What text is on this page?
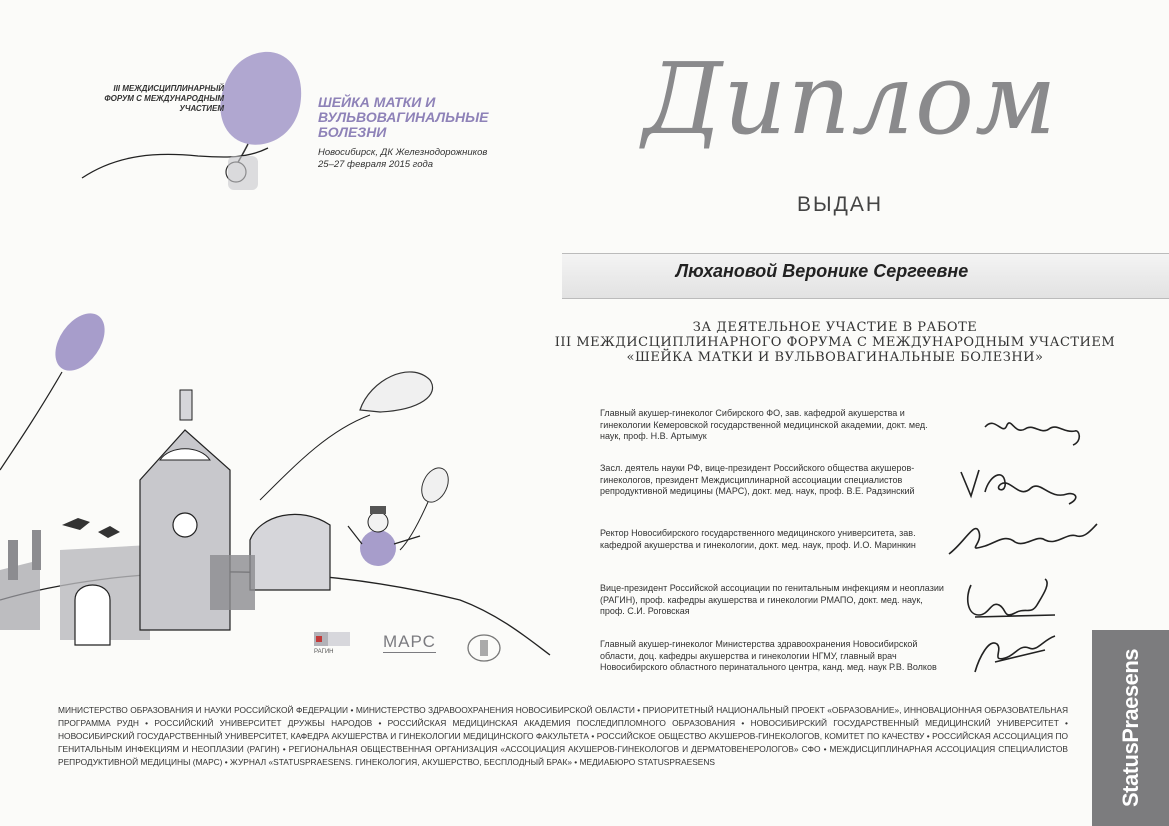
III МЕЖДИСЦИПЛИНАРНЫЙ ФОРУМ С МЕЖДУНАРОДНЫМ УЧАСТИЕМ	ШЕЙКА МАТКИ И ВУЛЬВОВАГИНАЛЬНЫЕ БОЛЕЗНИ
Новосибирск, ДК Железнодорожников
25–27 февраля 2015 года
Диплом
ВЫДАН
Люхановой Веронике Сергеевне
ЗА ДЕЯТЕЛЬНОЕ УЧАСТИЕ В РАБОТЕ
III МЕЖДИСЦИПЛИНАРНОГО ФОРУМА С МЕЖДУНАРОДНЫМ УЧАСТИЕМ
«ШЕЙКА МАТКИ И ВУЛЬВОВАГИНАЛЬНЫЕ БОЛЕЗНИ»
РАГИН
МАРС
Главный акушер-гинеколог Сибирского ФО, зав. кафедрой акушерства и гинекологии Кемеровской государственной медицинской академии, докт. мед. наук, проф. Н.В. Артымук
Засл. деятель науки РФ, вице-президент Российского общества акушеров-гинекологов, президент Междисциплинарной ассоциации специалистов репродуктивной медицины (МАРС), докт. мед. наук, проф. В.Е. Радзинский
Ректор Новосибирского государственного медицинского университета, зав. кафедрой акушерства и гинекологии, докт. мед. наук, проф. И.О. Маринкин
Вице-президент Российской ассоциации по генитальным инфекциям и неоплазии (РАГИН), проф. кафедры акушерства и гинекологии РМАПО, докт. мед. наук, проф. С.И. Роговская
Главный акушер-гинеколог Министерства здравоохранения Новосибирской области, доц. кафедры акушерства и гинекологии НГМУ, главный врач Новосибирского областного перинатального центра, канд. мед. наук Р.В. Волков
МИНИСТЕРСТВО ОБРАЗОВАНИЯ И НАУКИ РОССИЙСКОЙ ФЕДЕРАЦИИ • МИНИСТЕРСТВО ЗДРАВООХРАНЕНИЯ НОВОСИБИРСКОЙ ОБЛАСТИ • ПРИОРИТЕТНЫЙ НАЦИОНАЛЬНЫЙ ПРОЕКТ «ОБРАЗОВАНИЕ», ИННОВАЦИОННАЯ ОБРАЗОВАТЕЛЬНАЯ ПРОГРАММА РУДН • РОССИЙСКИЙ УНИВЕРСИТЕТ ДРУЖБЫ НАРОДОВ • РОССИЙСКАЯ МЕДИЦИНСКАЯ АКАДЕМИЯ ПОСЛЕДИПЛОМНОГО ОБРАЗОВАНИЯ • НОВОСИБИРСКИЙ ГОСУДАРСТВЕННЫЙ МЕДИЦИНСКИЙ УНИВЕРСИТЕТ • НОВОСИБИРСКИЙ ГОСУДАРСТВЕННЫЙ УНИВЕРСИТЕТ, КАФЕДРА АКУШЕРСТВА И ГИНЕКОЛОГИИ МЕДИЦИНСКОГО ФАКУЛЬТЕТА • РОССИЙСКОЕ ОБЩЕСТВО АКУШЕРОВ-ГИНЕКОЛОГОВ, КОМИТЕТ ПО КАЧЕСТВУ • РОССИЙСКАЯ АССОЦИАЦИЯ ПО ГЕНИТАЛЬНЫМ ИНФЕКЦИЯМ И НЕОПЛАЗИИ (РАГИН) • РЕГИОНАЛЬНАЯ ОБЩЕСТВЕННАЯ ОРГАНИЗАЦИЯ «АССОЦИАЦИЯ АКУШЕРОВ-ГИНЕКОЛОГОВ И ДЕРМАТОВЕНЕРОЛОГОВ» СФО • МЕЖДИСЦИПЛИНАРНАЯ АССОЦИАЦИЯ СПЕЦИАЛИСТОВ РЕПРОДУКТИВНОЙ МЕДИЦИНЫ (МАРС) • ЖУРНАЛ «STATUSPRAESENS. ГИНЕКОЛОГИЯ, АКУШЕРСТВО, БЕСПЛОДНЫЙ БРАК» • МЕДИАБЮРО STATUSPRAESENS	StatusPraesens
